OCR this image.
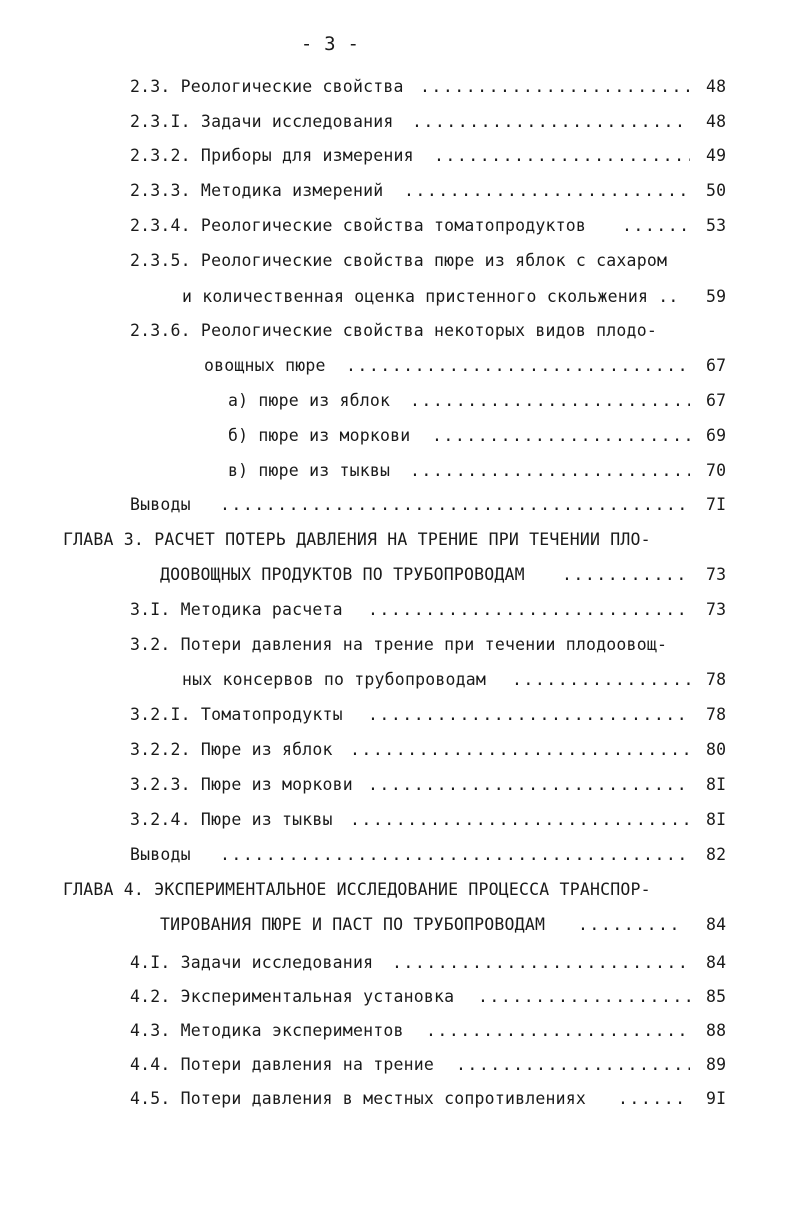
- 3 -
2.3. Реологические свойства .....	48
2.3.I. Задачи исследования .....	48
2.3.2. Приборы для измерения .....	49
2.3.3. Методика измерений .....	50
2.3.4. Реологические свойства томатопродуктов .....	53
2.3.5. Реологические свойства пюре из яблок с сахаром
и количественная оценка пристенного скольжения .. 59
2.3.6. Реологические свойства некоторых видов плодо-
овощных пюре .....	67
а) пюре из яблок .....	67
б) пюре из моркови .....	69
в) пюре из тыквы .....	70
Выводы .....	7I
ГЛАВА 3. РАСЧЕТ ПОТЕРЬ ДАВЛЕНИЯ НА ТРЕНИЕ ПРИ ТЕЧЕНИИ ПЛО-
ДООВОЩНЫХ ПРОДУКТОВ ПО ТРУБОПРОВОДАМ .....	73
3.I. Методика расчета .....	73
3.2. Потери давления на трение при течении плодоовощ-
ных консервов по трубопроводам .....	78
3.2.I. Томатопродукты .....	78
3.2.2. Пюре из яблок .....	80
3.2.3. Пюре из моркови .....	8I
3.2.4. Пюре из тыквы .....	8I
Выводы .....	82
ГЛАВА 4. ЭКСПЕРИМЕНТАЛЬНОЕ ИССЛЕДОВАНИЕ ПРОЦЕССА ТРАНСПОР-
ТИРОВАНИЯ ПЮРЕ И ПАСТ ПО ТРУБОПРОВОДАМ .....	84
4.I. Задачи исследования .....	84
4.2. Экспериментальная установка .....	85
4.3. Методика экспериментов .....	88
4.4. Потери давления на трение .....	89
4.5. Потери давления в местных сопротивлениях .....	9I
